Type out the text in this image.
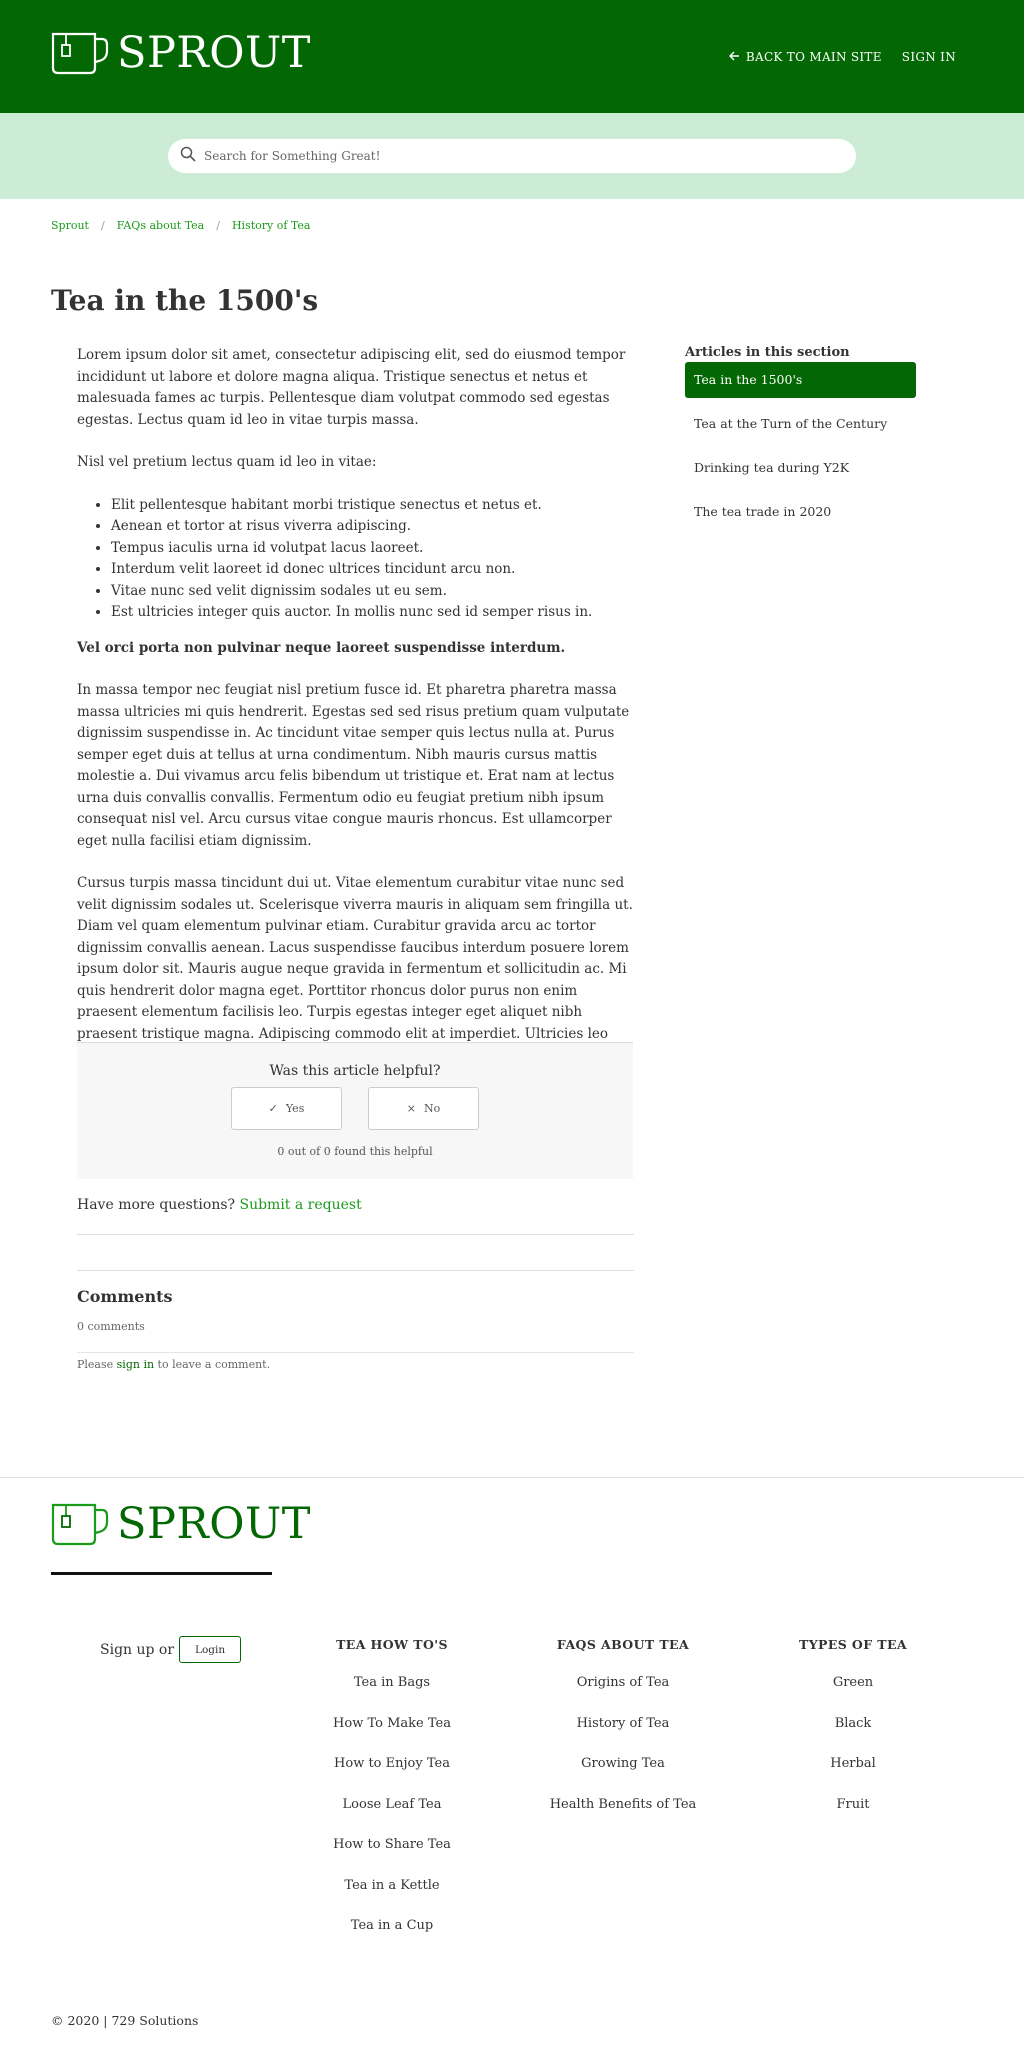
SPROUT	BACK TO MAIN SITE SIGN IN
Search for Something Great!
Sprout / FAQs about Tea / History of Tea
Tea in the 1500's

Lorem ipsum dolor sit amet, consectetur adipiscing elit, sed do eiusmod tempor incididunt ut labore et dolore magna aliqua. Tristique senectus et netus et malesuada fames ac turpis. Pellentesque diam volutpat commodo sed egestas egestas. Lectus quam id leo in vitae turpis massa.

Nisl vel pretium lectus quam id leo in vitae:

• Elit pellentesque habitant morbi tristique senectus et netus et.
• Aenean et tortor at risus viverra adipiscing.
• Tempus iaculis urna id volutpat lacus laoreet.
• Interdum velit laoreet id donec ultrices tincidunt arcu non.
• Vitae nunc sed velit dignissim sodales ut eu sem.
• Est ultricies integer quis auctor. In mollis nunc sed id semper risus in.

Vel orci porta non pulvinar neque laoreet suspendisse interdum.

In massa tempor nec feugiat nisl pretium fusce id. Et pharetra pharetra massa massa ultricies mi quis hendrerit. Egestas sed sed risus pretium quam vulputate dignissim suspendisse in. Ac tincidunt vitae semper quis lectus nulla at. Purus semper eget duis at tellus at urna condimentum. Nibh mauris cursus mattis molestie a. Dui vivamus arcu felis bibendum ut tristique et. Erat nam at lectus urna duis convallis convallis. Fermentum odio eu feugiat pretium nibh ipsum consequat nisl vel. Arcu cursus vitae congue mauris rhoncus. Est ullamcorper eget nulla facilisi etiam dignissim.

Cursus turpis massa tincidunt dui ut. Vitae elementum curabitur vitae nunc sed velit dignissim sodales ut. Scelerisque viverra mauris in aliquam sem fringilla ut. Diam vel quam elementum pulvinar etiam. Curabitur gravida arcu ac tortor dignissim convallis aenean. Lacus suspendisse faucibus interdum posuere lorem ipsum dolor sit. Mauris augue neque gravida in fermentum et sollicitudin ac. Mi quis hendrerit dolor magna eget. Porttitor rhoncus dolor purus non enim praesent elementum facilisis leo. Turpis egestas integer eget aliquet nibh praesent tristique magna. Adipiscing commodo elit at imperdiet. Ultricies leo

Articles in this section
Tea in the 1500's
Tea at the Turn of the Century
Drinking tea during Y2K
The tea trade in 2020
Was this article helpful?
✓ Yes	× No
0 out of 0 found this helpful
Have more questions? Submit a request
Comments
0 comments
Please sign in to leave a comment.
SPROUT
Sign up or	Login	TEA HOW TO'S
Tea in Bags
How To Make Tea
How to Enjoy Tea
Loose Leaf Tea
How to Share Tea
Tea in a Kettle
Tea in a Cup
FAQS ABOUT TEA
Origins of Tea
History of Tea
Growing Tea
Health Benefits of Tea
TYPES OF TEA
Green
Black
Herbal
Fruit
© 2020 | 729 Solutions
